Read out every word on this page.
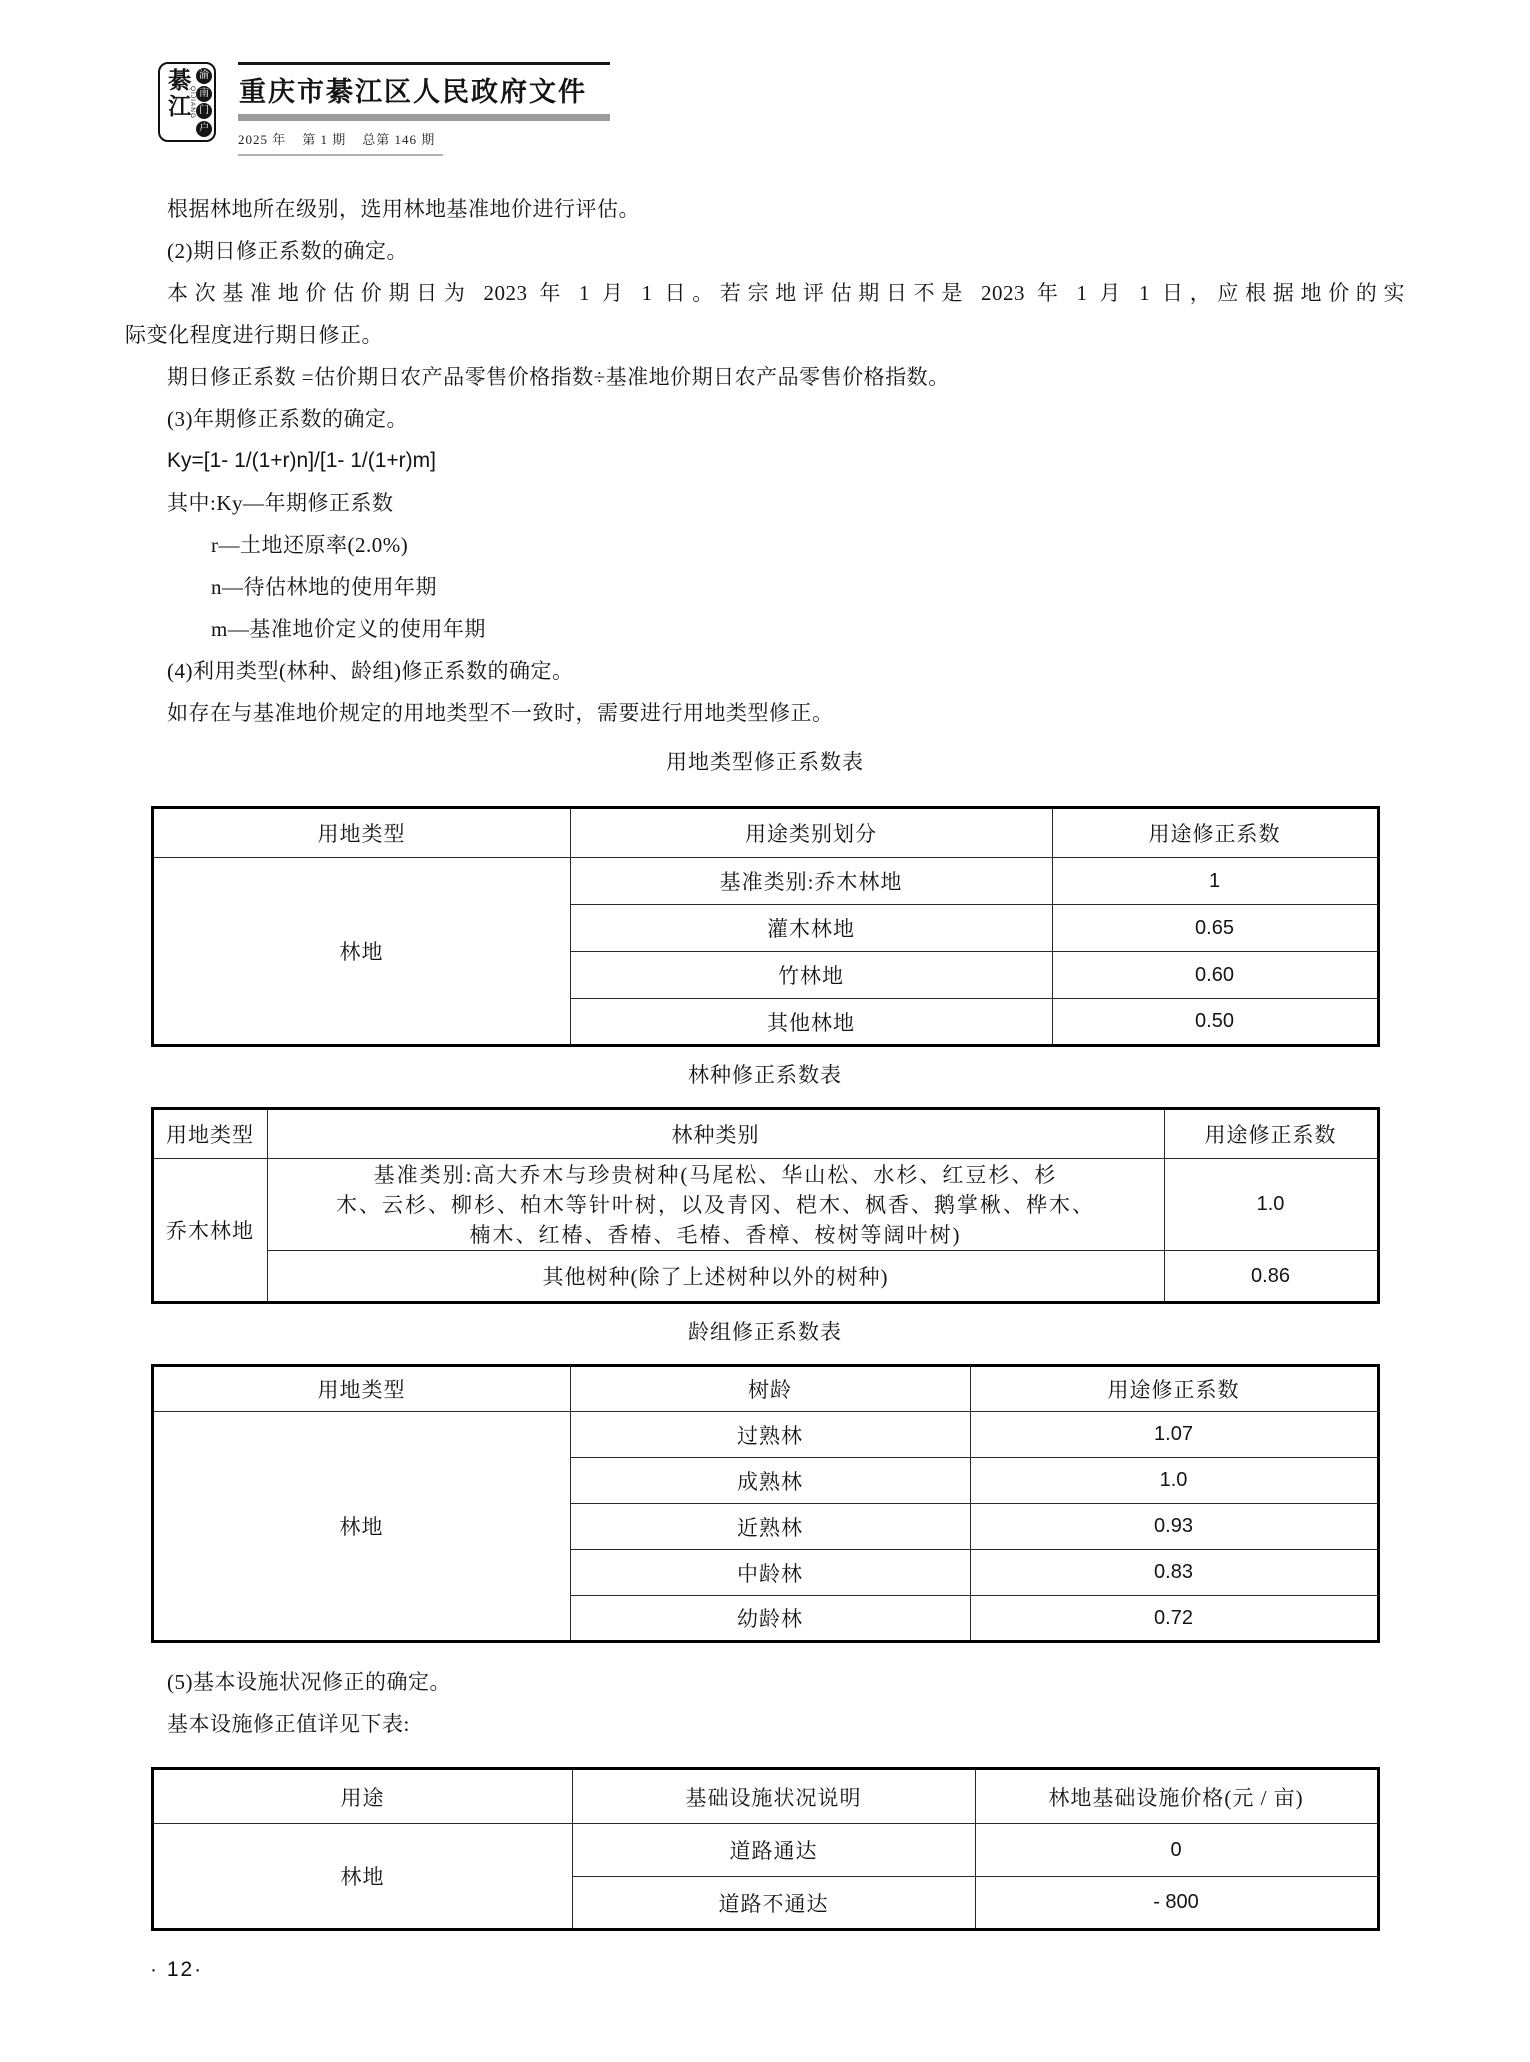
綦江 QIJIANG
渝
南
门
户
重庆市綦江区人民政府文件
2025 年 第 1 期 总第 146 期

根据林地所在级别，选用林地基准地价进行评估。

(2)期日修正系数的确定。

本次基准地价估价期日为 2023 年 1 月 1 日。若宗地评估期日不是 2023 年 1 月 1 日，应根据地价的实

际变化程度进行期日修正。

期日修正系数 =估价期日农产品零售价格指数÷基准地价期日农产品零售价格指数。

(3)年期修正系数的确定。

Ky=[1- 1/(1+r)n]/[1- 1/(1+r)m]

其中:Ky—年期修正系数

r—土地还原率(2.0%)

n—待估林地的使用年期

m—基准地价定义的使用年期

(4)利用类型(林种、龄组)修正系数的确定。

如存在与基准地价规定的用地类型不一致时，需要进行用地类型修正。

用地类型修正系数表
用地类型	用途类别划分	用途修正系数
林地	基准类别:乔木林地	1
	灌木林地	0.65
	竹林地	0.60
	其他林地	0.50
林种修正系数表
用地类型	林种类别	用途修正系数
乔木林地	基准类别:高大乔木与珍贵树种(马尾松、华山松、水杉、红豆杉、杉
木、云杉、柳杉、柏木等针叶树，以及青冈、桤木、枫香、鹅掌楸、桦木、
楠木、红椿、香椿、毛椿、香樟、桉树等阔叶树)	1.0
	其他树种(除了上述树种以外的树种)	0.86
龄组修正系数表
用地类型	树龄	用途修正系数
林地	过熟林	1.07
	成熟林	1.0
	近熟林	0.93
	中龄林	0.83
	幼龄林	0.72

(5)基本设施状况修正的确定。

基本设施修正值详见下表:

用途	基础设施状况说明	林地基础设施价格(元 / 亩)
林地	道路通达	0
	道路不通达	- 800
· 12·
